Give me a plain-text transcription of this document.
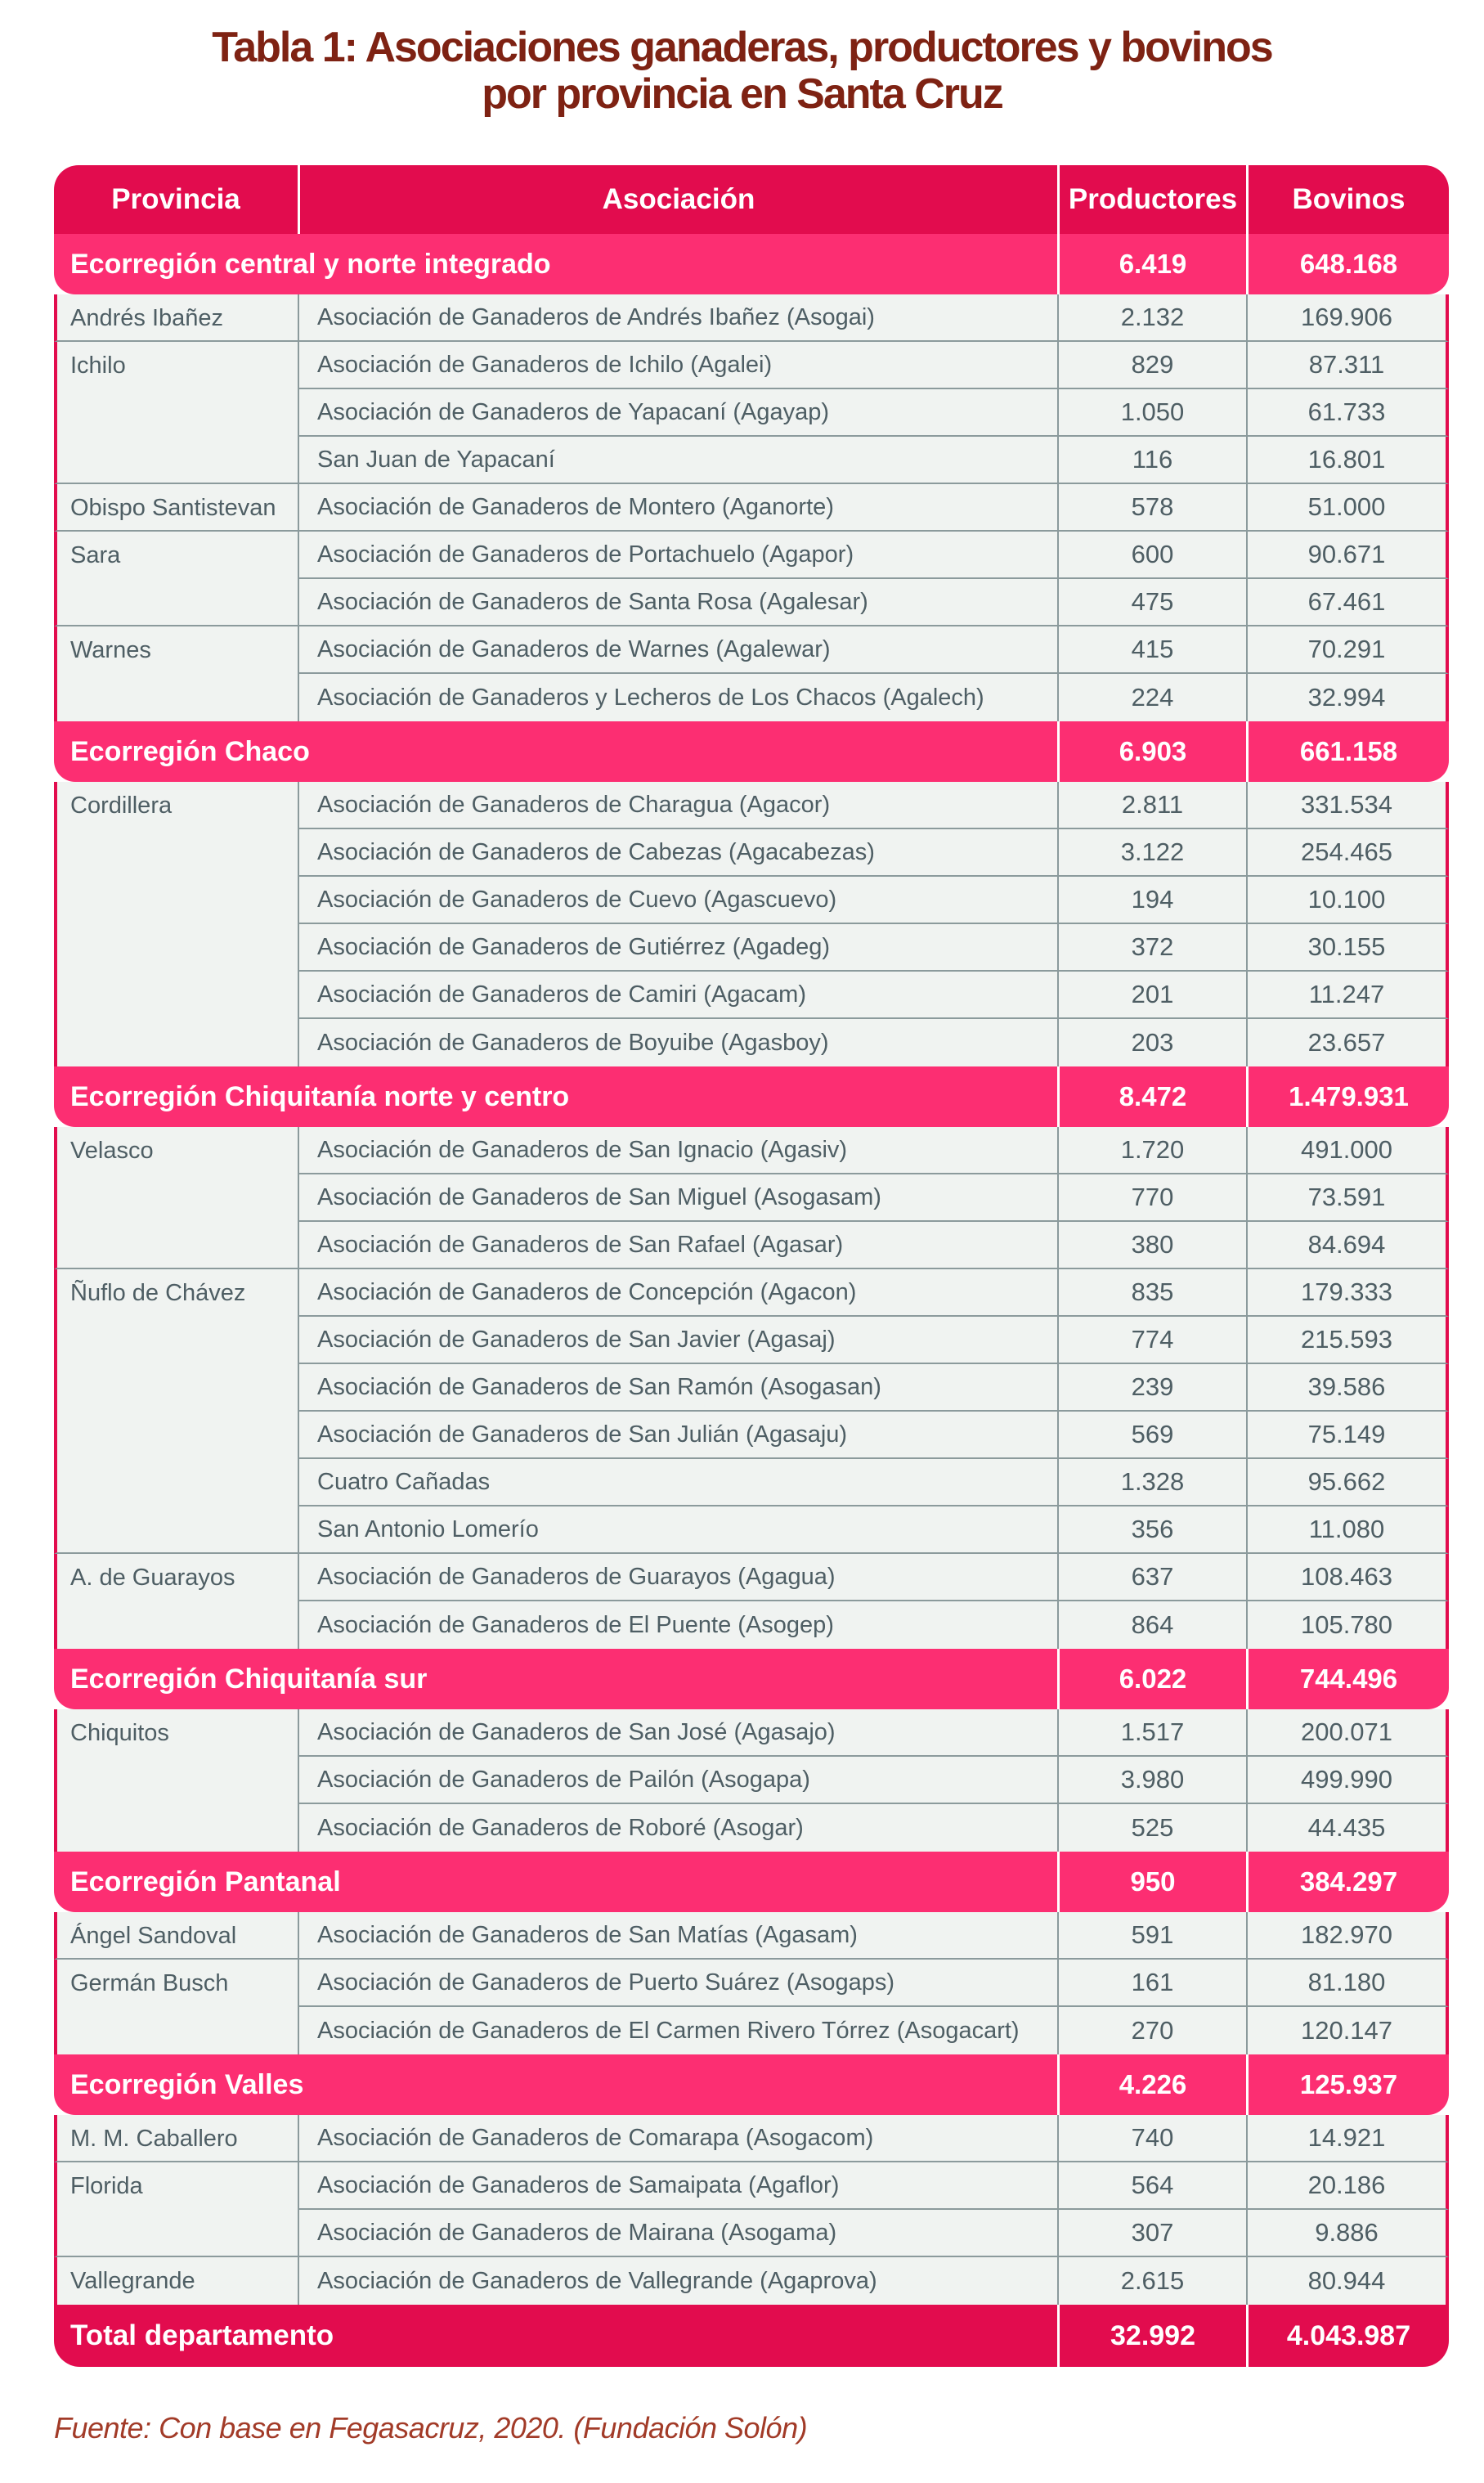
Tabla 1: Asociaciones ganaderas, productores y bovinos
por provincia en Santa Cruz
Provincia	Asociación	Productores	Bovinos
Ecorregión central y norte integrado		6.419	648.168
Andrés Ibañez	Asociación de Ganaderos de Andrés Ibañez (Asogai)	2.132	169.906
Ichilo	Asociación de Ganaderos de Ichilo (Agalei)	829	87.311
	Asociación de Ganaderos de Yapacaní (Agayap)	1.050	61.733
	San Juan de Yapacaní	116	16.801
Obispo Santistevan	Asociación de Ganaderos de Montero (Aganorte)	578	51.000
Sara	Asociación de Ganaderos de Portachuelo (Agapor)	600	90.671
	Asociación de Ganaderos de Santa Rosa (Agalesar)	475	67.461
Warnes	Asociación de Ganaderos de Warnes (Agalewar)	415	70.291
	Asociación de Ganaderos y Lecheros de Los Chacos (Agalech)	224	32.994
Ecorregión Chaco		6.903	661.158
Cordillera	Asociación de Ganaderos de Charagua (Agacor)	2.811	331.534
	Asociación de Ganaderos de Cabezas (Agacabezas)	3.122	254.465
	Asociación de Ganaderos de Cuevo (Agascuevo)	194	10.100
	Asociación de Ganaderos de Gutiérrez (Agadeg)	372	30.155
	Asociación de Ganaderos de Camiri (Agacam)	201	11.247
	Asociación de Ganaderos de Boyuibe (Agasboy)	203	23.657
Ecorregión Chiquitanía norte y centro		8.472	1.479.931
Velasco	Asociación de Ganaderos de San Ignacio (Agasiv)	1.720	491.000
	Asociación de Ganaderos de San Miguel (Asogasam)	770	73.591
	Asociación de Ganaderos de San Rafael (Agasar)	380	84.694
Ñuflo de Chávez	Asociación de Ganaderos de Concepción (Agacon)	835	179.333
	Asociación de Ganaderos de San Javier (Agasaj)	774	215.593
	Asociación de Ganaderos de San Ramón (Asogasan)	239	39.586
	Asociación de Ganaderos de San Julián (Agasaju)	569	75.149
	Cuatro Cañadas	1.328	95.662
	San Antonio Lomerío	356	11.080
A. de Guarayos	Asociación de Ganaderos de Guarayos (Agagua)	637	108.463
	Asociación de Ganaderos de El Puente (Asogep)	864	105.780
Ecorregión Chiquitanía sur		6.022	744.496
Chiquitos	Asociación de Ganaderos de San José (Agasajo)	1.517	200.071
	Asociación de Ganaderos de Pailón (Asogapa)	3.980	499.990
	Asociación de Ganaderos de Roboré (Asogar)	525	44.435
Ecorregión Pantanal		950	384.297
Ángel Sandoval	Asociación de Ganaderos de San Matías (Agasam)	591	182.970
Germán Busch	Asociación de Ganaderos de Puerto Suárez (Asogaps)	161	81.180
	Asociación de Ganaderos de El Carmen Rivero Tórrez (Asogacart)	270	120.147
Ecorregión Valles		4.226	125.937
M. M. Caballero	Asociación de Ganaderos de Comarapa (Asogacom)	740	14.921
Florida	Asociación de Ganaderos de Samaipata (Agaflor)	564	20.186
	Asociación de Ganaderos de Mairana (Asogama)	307	9.886
Vallegrande	Asociación de Ganaderos de Vallegrande (Agaprova)	2.615	80.944
Total departamento		32.992	4.043.987

Fuente: Con base en Fegasacruz, 2020. (Fundación Solón)
